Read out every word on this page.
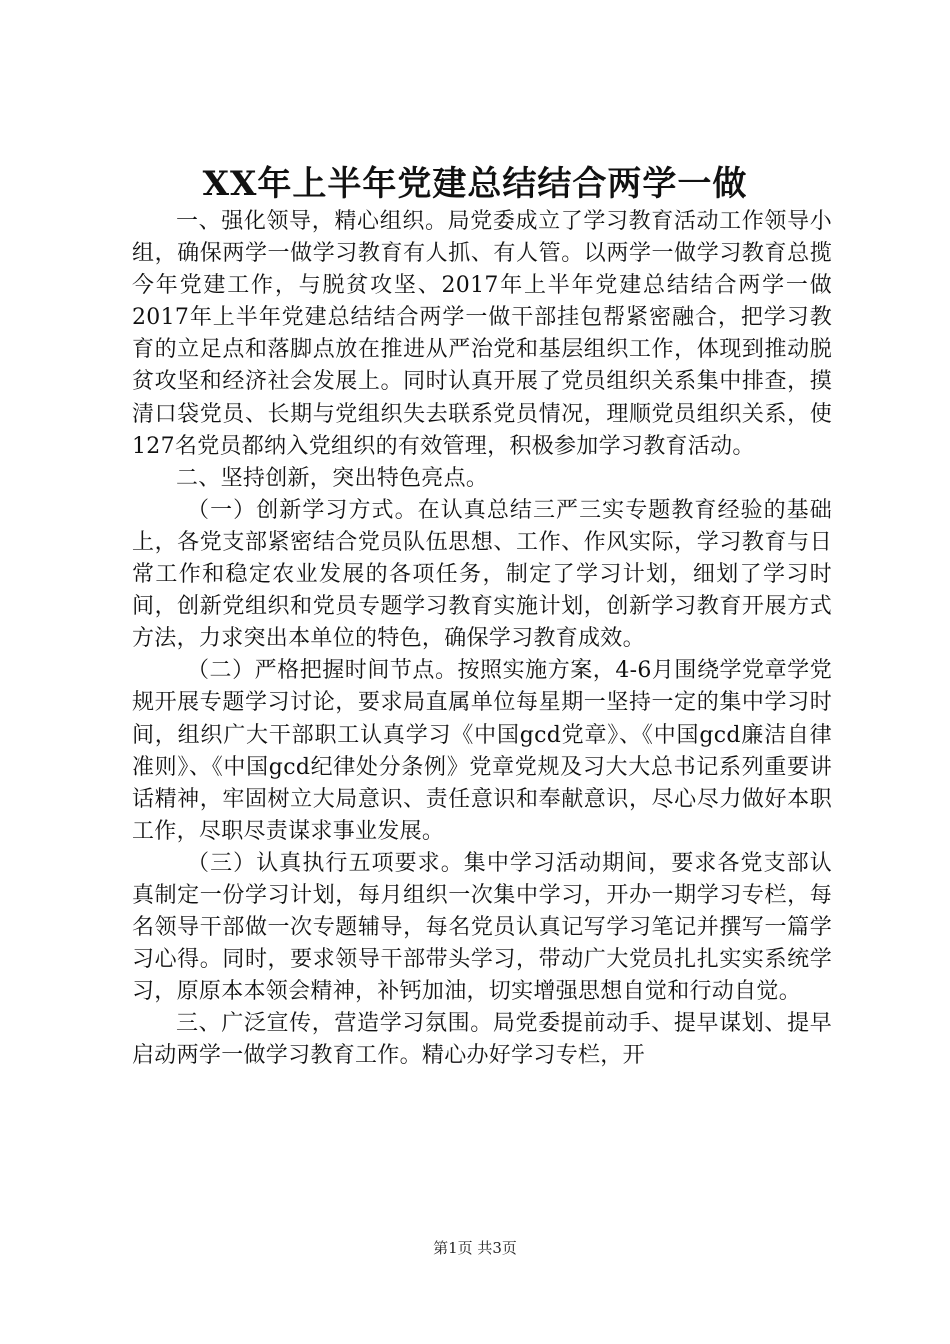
XX年上半年党建总结结合两学一做

一、强化领导，精心组织。局党委成立了学习教育活动工作领导小组，确保两学一做学习教育有人抓、有人管。以两学一做学习教育总揽今年党建工作，与脱贫攻坚、2017年上半年党建总结结合两学一做2017年上半年党建总结结合两学一做干部挂包帮紧密融合，把学习教育的立足点和落脚点放在推进从严治党和基层组织工作，体现到推动脱贫攻坚和经济社会发展上。同时认真开展了党员组织关系集中排查，摸清口袋党员、长期与党组织失去联系党员情况，理顺党员组织关系，使127名党员都纳入党组织的有效管理，积极参加学习教育活动。

二、坚持创新，突出特色亮点。

（一）创新学习方式。在认真总结三严三实专题教育经验的基础上，各党支部紧密结合党员队伍思想、工作、作风实际，学习教育与日常工作和稳定农业发展的各项任务，制定了学习计划，细划了学习时间，创新党组织和党员专题学习教育实施计划，创新学习教育开展方式方法，力求突出本单位的特色，确保学习教育成效。

（二）严格把握时间节点。按照实施方案，4-6月围绕学党章学党规开展专题学习讨论，要求局直属单位每星期一坚持一定的集中学习时间，组织广大干部职工认真学习《中国gcd党章》、《中国gcd廉洁自律准则》、《中国gcd纪律处分条例》党章党规及习大大总书记系列重要讲话精神，牢固树立大局意识、责任意识和奉献意识，尽心尽力做好本职工作，尽职尽责谋求事业发展。

（三）认真执行五项要求。集中学习活动期间，要求各党支部认真制定一份学习计划，每月组织一次集中学习，开办一期学习专栏，每名领导干部做一次专题辅导，每名党员认真记写学习笔记并撰写一篇学习心得。同时，要求领导干部带头学习，带动广大党员扎扎实实系统学习，原原本本领会精神，补钙加油，切实增强思想自觉和行动自觉。

三、广泛宣传，营造学习氛围。局党委提前动手、提早谋划、提早启动两学一做学习教育工作。精心办好学习专栏，开

第1页 共3页
